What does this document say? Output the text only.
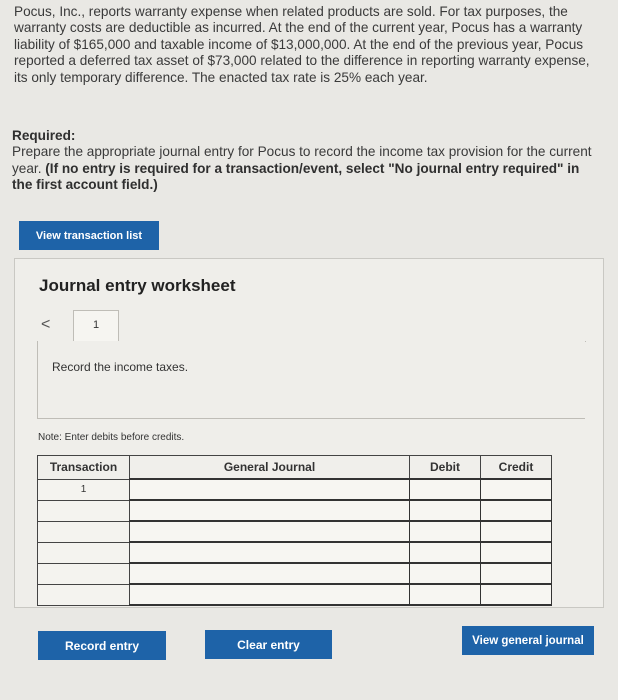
Pocus, Inc., reports warranty expense when related products are sold. For tax purposes, the warranty costs are deductible as incurred. At the end of the current year, Pocus has a warranty liability of $165,000 and taxable income of $13,000,000. At the end of the previous year, Pocus reported a deferred tax asset of $73,000 related to the difference in reporting warranty expense, its only temporary difference. The enacted tax rate is 25% each year.
Required:
Prepare the appropriate journal entry for Pocus to record the income tax provision for the current year. (If no entry is required for a transaction/event, select "No journal entry required" in the first account field.)
View transaction list
Journal entry worksheet
<	1
Record the income taxes.
Note: Enter debits before credits.
Transaction	General Journal	Debit	Credit
1			

Record entry	Clear entry	View general journal
